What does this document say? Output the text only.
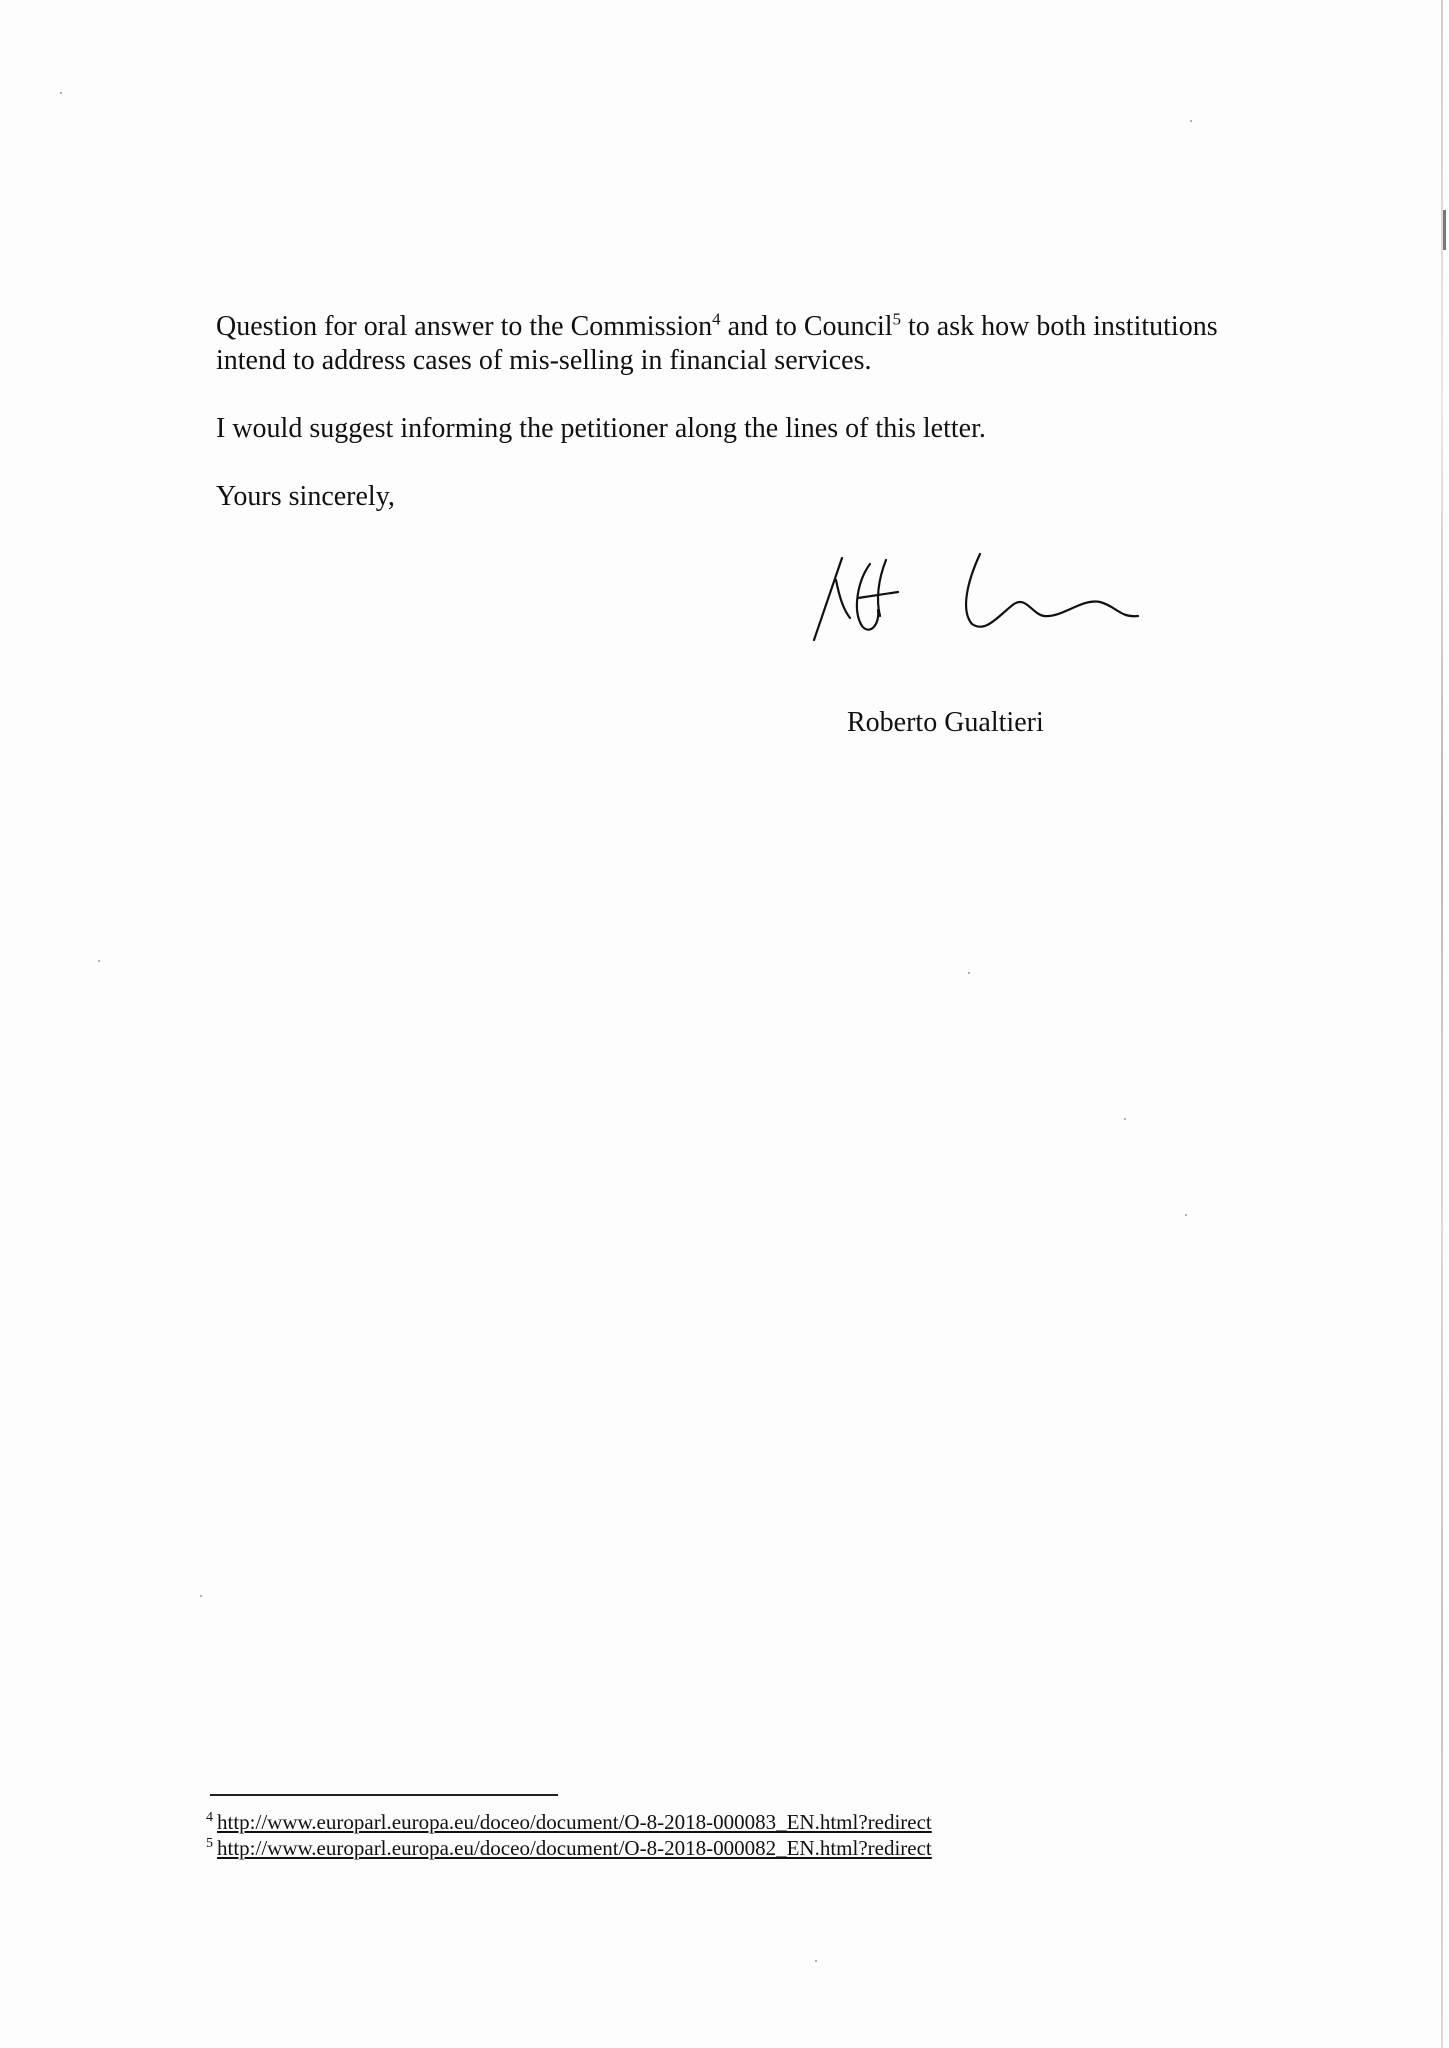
Question for oral answer to the Commission$^4$ and to Council$^5$ to ask how both institutions intend to address cases of mis-selling in financial services.

I would suggest informing the petitioner along the lines of this letter.

Yours sincerely,

Roberto Gualtieri
$^4$ http://www.europarl.europa.eu/doceo/document/O-8-2018-000083_EN.html?redirect
$^5$ http://www.europarl.europa.eu/doceo/document/O-8-2018-000082_EN.html?redirect
